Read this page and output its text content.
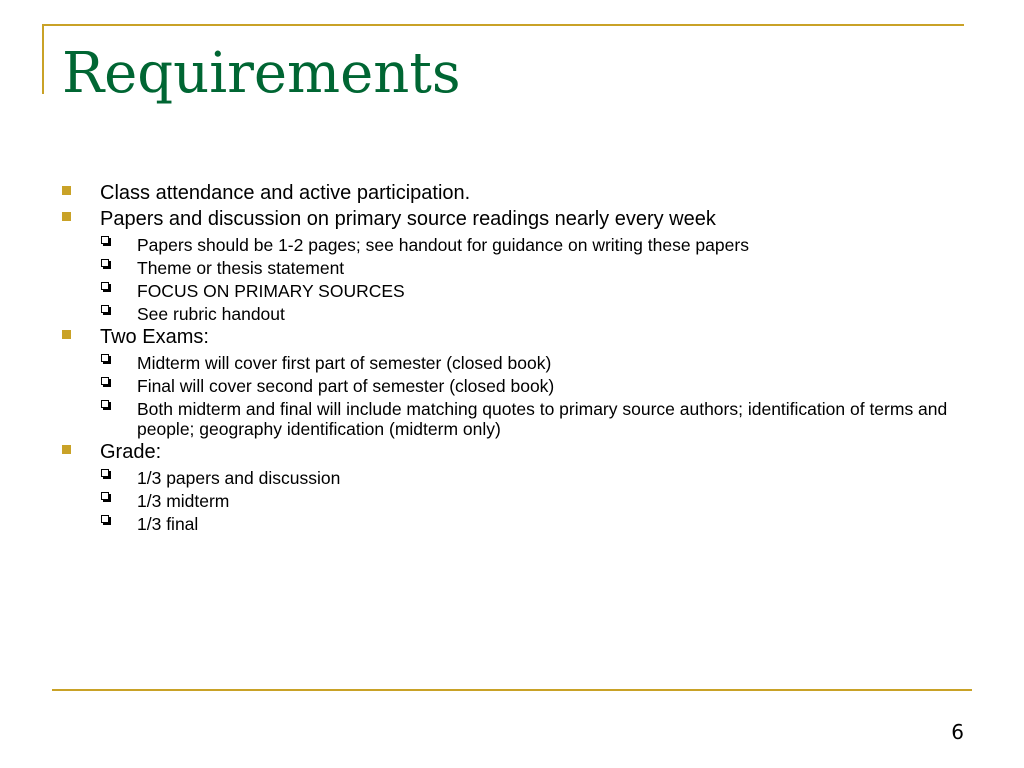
Requirements
Class attendance and active participation.
Papers and discussion on primary source readings nearly every week
Papers should be 1-2 pages; see handout for guidance on writing these papers
Theme or thesis statement
FOCUS ON PRIMARY SOURCES
See rubric handout
Two Exams:
Midterm will cover first part of semester (closed book)
Final will cover second part of semester (closed book)
Both midterm and final will include matching quotes to primary source authors; identification of terms and people; geography identification (midterm only)
Grade:
1/3 papers and discussion
1/3 midterm
1/3 final
6
